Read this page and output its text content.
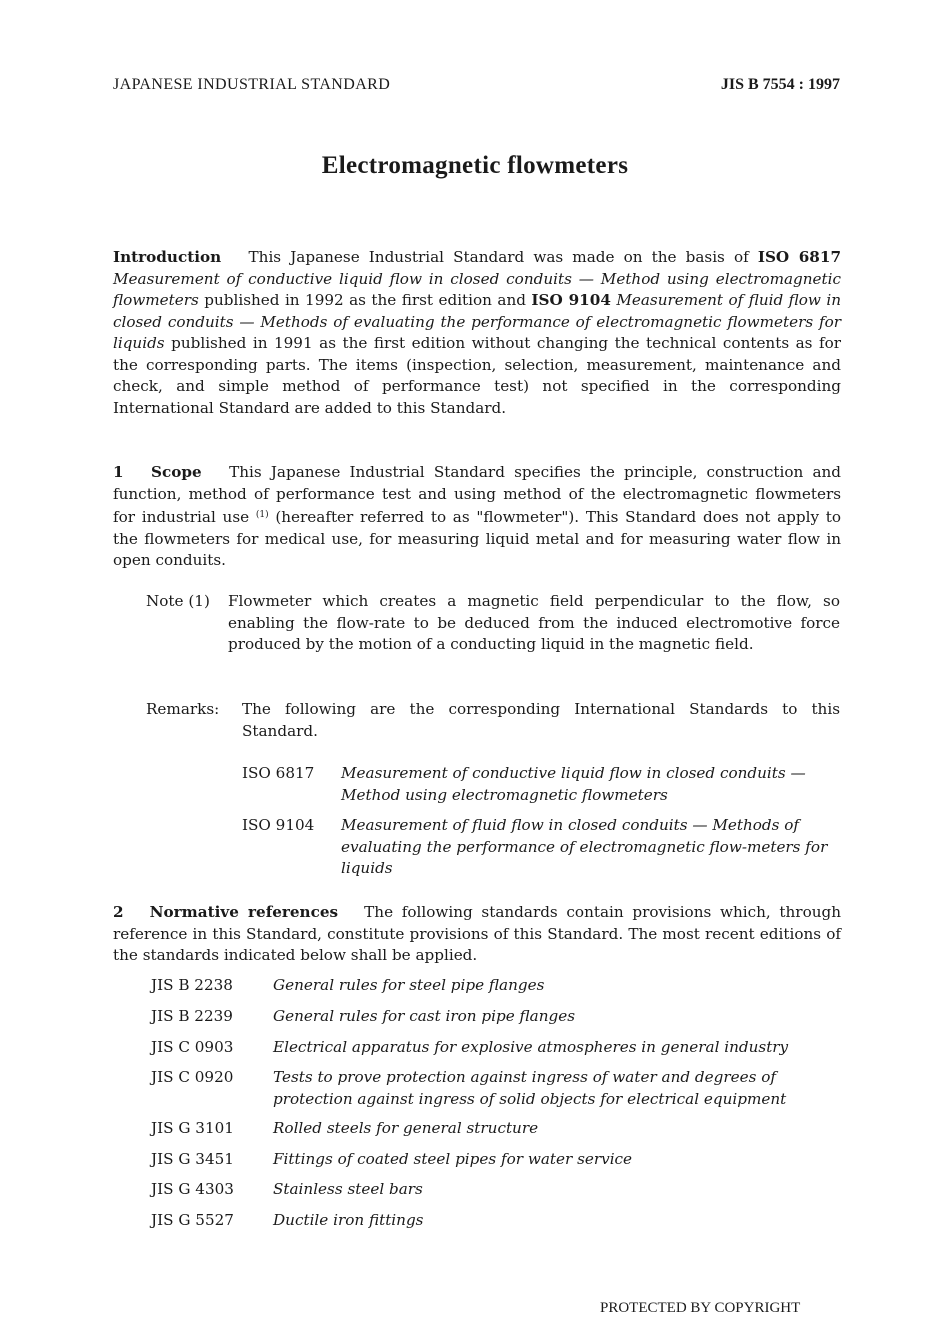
JAPANESE INDUSTRIAL STANDARD	JIS B 7554 : 1997
Electromagnetic flowmeters
Introduction This Japanese Industrial Standard was made on the basis of ISO 6817 Measurement of conductive liquid flow in closed conduits — Method using electromagnetic flowmeters published in 1992 as the first edition and ISO 9104 Measurement of fluid flow in closed conduits — Methods of evaluating the performance of electromagnetic flowmeters for liquids published in 1991 as the first edition without changing the technical contents as for the corresponding parts. The items (inspection, selection, measurement, maintenance and check, and simple method of performance test) not specified in the corresponding International Standard are added to this Standard.
1 Scope This Japanese Industrial Standard specifies the principle, construction and function, method of performance test and using method of the electromagnetic flowmeters for industrial use $^{(1)}$ (hereafter referred to as "flowmeter"). This Standard does not apply to the flowmeters for medical use, for measuring liquid metal and for measuring water flow in open conduits.
Note (1) Flowmeter which creates a magnetic field perpendicular to the flow, so enabling the flow-rate to be deduced from the induced electromotive force produced by the motion of a conducting liquid in the magnetic field.
Remarks: The following are the corresponding International Standards to this Standard.
ISO 6817 Measurement of conductive liquid flow in closed conduits — Method using electromagnetic flowmeters
ISO 9104 Measurement of fluid flow in closed conduits — Methods of evaluating the performance of electromagnetic flow-meters for liquids
2 Normative references The following standards contain provisions which, through reference in this Standard, constitute provisions of this Standard. The most recent editions of the standards indicated below shall be applied.
JIS B 2238	General rules for steel pipe flanges
JIS B 2239	General rules for cast iron pipe flanges
JIS C 0903	Electrical apparatus for explosive atmospheres in general industry
JIS C 0920	Tests to prove protection against ingress of water and degrees of protection against ingress of solid objects for electrical equipment
JIS G 3101	Rolled steels for general structure
JIS G 3451	Fittings of coated steel pipes for water service
JIS G 4303	Stainless steel bars
JIS G 5527	Ductile iron fittings
PROTECTED BY COPYRIGHT
